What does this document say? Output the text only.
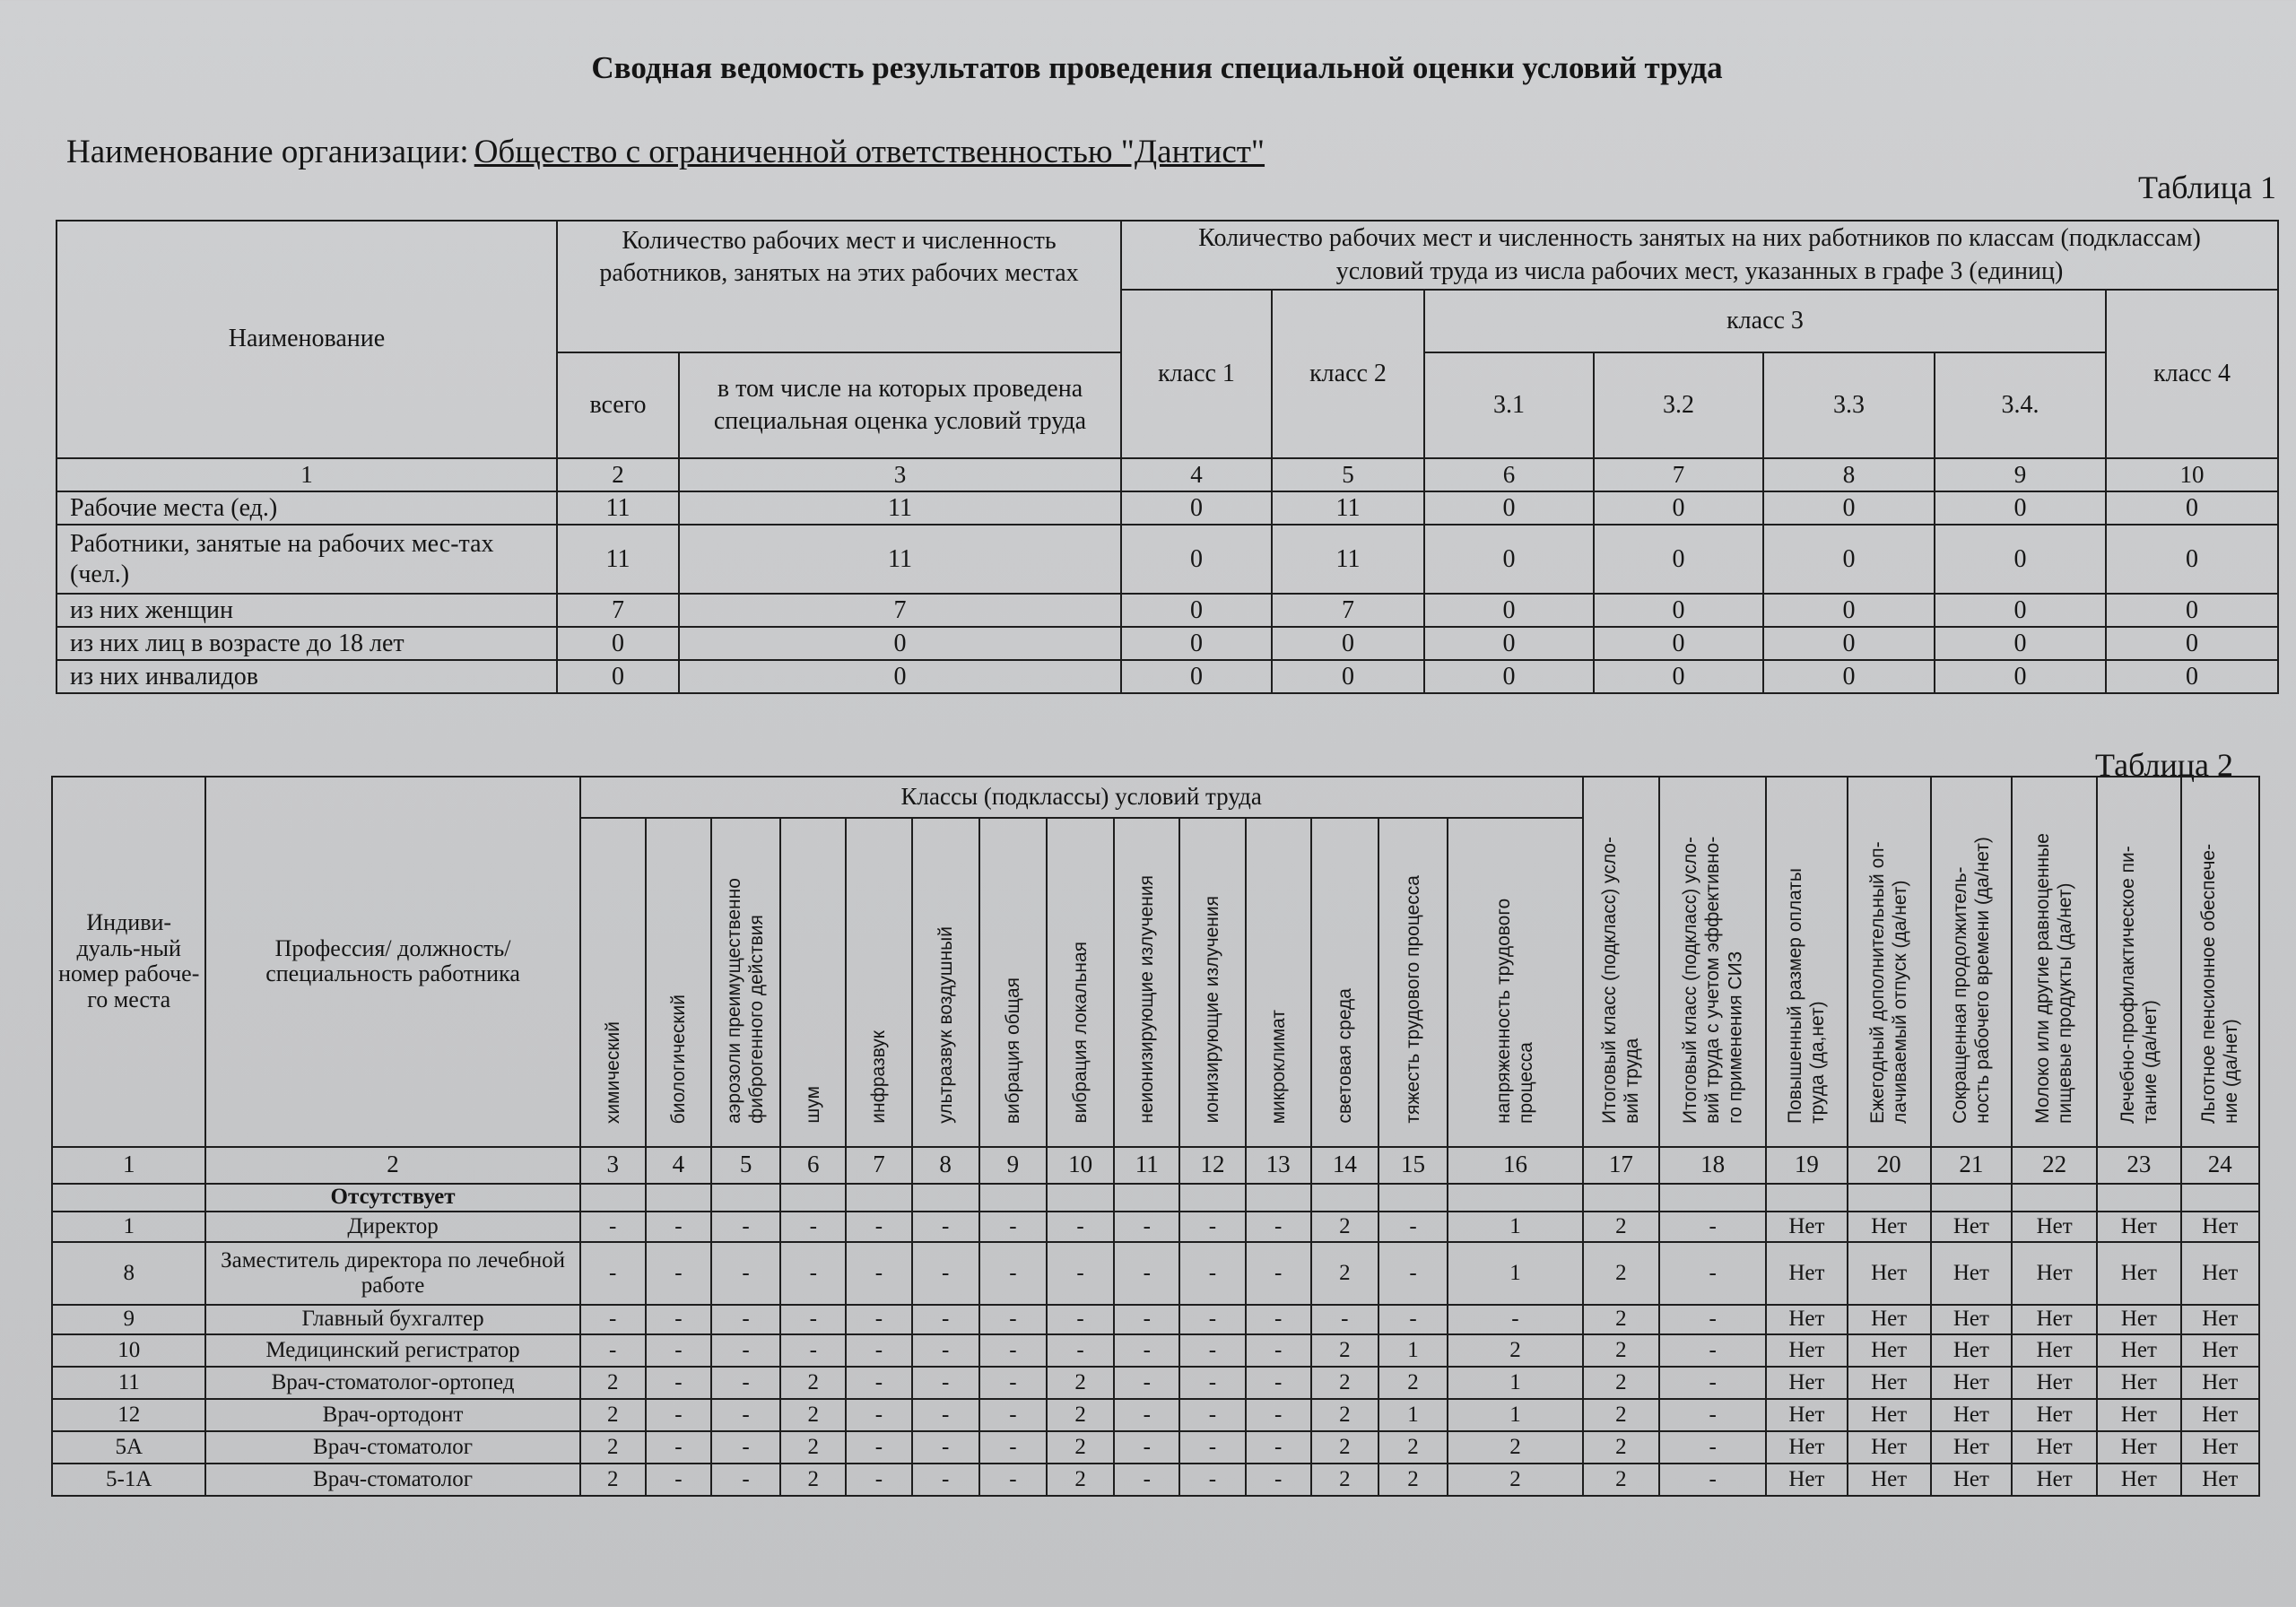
Сводная ведомость результатов проведения специальной оценки условий труда
Наименование организации: Общество с ограниченной ответственностью "Дантист"
Таблица 1
Наименование	Количество рабочих мест и численность работников, занятых на этих рабочих местах		Количество рабочих мест и численность занятых на них работников по классам (подклассам) условий труда из числа рабочих мест, указанных в графе 3 (единиц)						
			класс 1	класс 2	класс 3				класс 4
	всего	в том числе на которых проведена специальная оценка условий труда			3.1	3.2	3.3	3.4.	
1	2	3	4	5	6	7	8	9	10
Рабочие места (ед.)	11	11	0	11	0	0	0	0	0
Работники, занятые на рабочих мес-тах (чел.)	11	11	0	11	0	0	0	0	0
из них женщин	7	7	0	7	0	0	0	0	0
из них лиц в возрасте до 18 лет	0	0	0	0	0	0	0	0	0
из них инвалидов	0	0	0	0	0	0	0	0	0
Таблица 2
Индиви-дуаль-ный номер рабоче-го места	Профессия/ должность/ специальность работника	Классы (подклассы) условий труда														Итоговый класс (подкласс) усло-вий труда	Итоговый класс (подкласс) усло-вий труда с учетом эффективно-го применения СИЗ	Повышенный размер оплаты труда (да,нет)	Ежегодный дополнительный оп-лачиваемый отпуск (да/нет)	Сокращенная продолжитель-ность рабочего времени (да/нет)	Молоко или другие равноценные пищевые продукты (да/нет)	Лечебно-профилактическое пи-тание (да/нет)	Льготное пенсионное обеспече-ние (да/нет)
		химический	биологический	аэрозоли преимущественно фиброгенного действия	шум	инфразвук	ультразвук воздушный	вибрация общая	вибрация локальная	неионизирующие излучения	ионизирующие излучения	микроклимат	световая среда	тяжесть трудового процесса	напряженность трудового процесса								
1	2	3	4	5	6	7	8	9	10	11	12	13	14	15	16	17	18	19	20	21	22	23	24
	Отсутствует																						
1	Директор	-	-	-	-	-	-	-	-	-	-	-	2	-	1	2	-	Нет	Нет	Нет	Нет	Нет	Нет
8	Заместитель директора по лечебной работе	-	-	-	-	-	-	-	-	-	-	-	2	-	1	2	-	Нет	Нет	Нет	Нет	Нет	Нет
9	Главный бухгалтер	-	-	-	-	-	-	-	-	-	-	-	-	-	-	2	-	Нет	Нет	Нет	Нет	Нет	Нет
10	Медицинский регистратор	-	-	-	-	-	-	-	-	-	-	-	2	1	2	2	-	Нет	Нет	Нет	Нет	Нет	Нет
11	Врач-стоматолог-ортопед	2	-	-	2	-	-	-	2	-	-	-	2	2	1	2	-	Нет	Нет	Нет	Нет	Нет	Нет
12	Врач-ортодонт	2	-	-	2	-	-	-	2	-	-	-	2	1	1	2	-	Нет	Нет	Нет	Нет	Нет	Нет
5А	Врач-стоматолог	2	-	-	2	-	-	-	2	-	-	-	2	2	2	2	-	Нет	Нет	Нет	Нет	Нет	Нет
5-1А	Врач-стоматолог	2	-	-	2	-	-	-	2	-	-	-	2	2	2	2	-	Нет	Нет	Нет	Нет	Нет	Нет
